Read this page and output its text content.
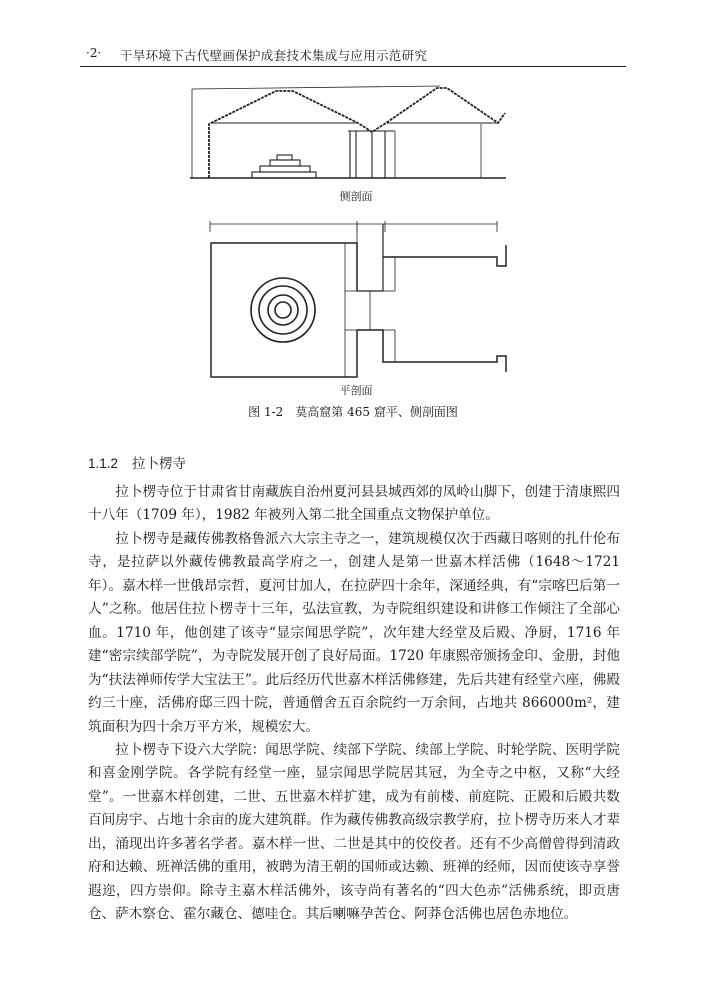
·2· 干旱环境下古代壁画保护成套技术集成与应用示范研究
侧剖面
平剖面
图 1-2　莫高窟第 465 窟平、侧剖面图
1.1.2 拉卜楞寺

拉卜楞寺位于甘肃省甘南藏族自治州夏河县县城西郊的凤岭山脚下，创建于清康熙四十八年（1709 年），1982 年被列入第二批全国重点文物保护单位。

拉卜楞寺是藏传佛教格鲁派六大宗主寺之一，建筑规模仅次于西藏日喀则的扎什伦布寺，是拉萨以外藏传佛教最高学府之一，创建人是第一世嘉木样活佛（1648～1721 年）。嘉木样一世俄昂宗哲，夏河甘加人，在拉萨四十余年，深通经典，有“宗喀巴后第一人”之称。他居住拉卜楞寺十三年，弘法宣教，为寺院组织建设和讲修工作倾注了全部心血。1710 年，他创建了该寺“显宗闻思学院”，次年建大经堂及后殿、净厨，1716 年建“密宗续部学院”，为寺院发展开创了良好局面。1720 年康熙帝颁扬金印、金册，封他为“扶法禅师传学大宝法王”。此后经历代世嘉木样活佛修建，先后共建有经堂六座，佛殿约三十座，活佛府邸三四十院，普通僧舍五百余院约一万余间，占地共 866000m²，建筑面积为四十余万平方米，规模宏大。

拉卜楞寺下设六大学院：闻思学院、续部下学院、续部上学院、时轮学院、医明学院和喜金刚学院。各学院有经堂一座，显宗闻思学院居其冠，为全寺之中枢，又称“大经堂”。一世嘉木样创建，二世、五世嘉木样扩建，成为有前楼、前庭院、正殿和后殿共数百间房宇、占地十余亩的庞大建筑群。作为藏传佛教高级宗教学府，拉卜楞寺历来人才辈出，涌现出许多著名学者。嘉木样一世、二世是其中的佼佼者。还有不少高僧曾得到清政府和达赖、班禅活佛的重用，被聘为清王朝的国师或达赖、班禅的经师，因而使该寺享誉遐迩，四方崇仰。除寺主嘉木样活佛外，该寺尚有著名的“四大色赤”活佛系统，即贡唐仓、萨木察仓、霍尔藏仓、德哇仓。其后喇嘛孕苦仓、阿莽仓活佛也居色赤地位。
